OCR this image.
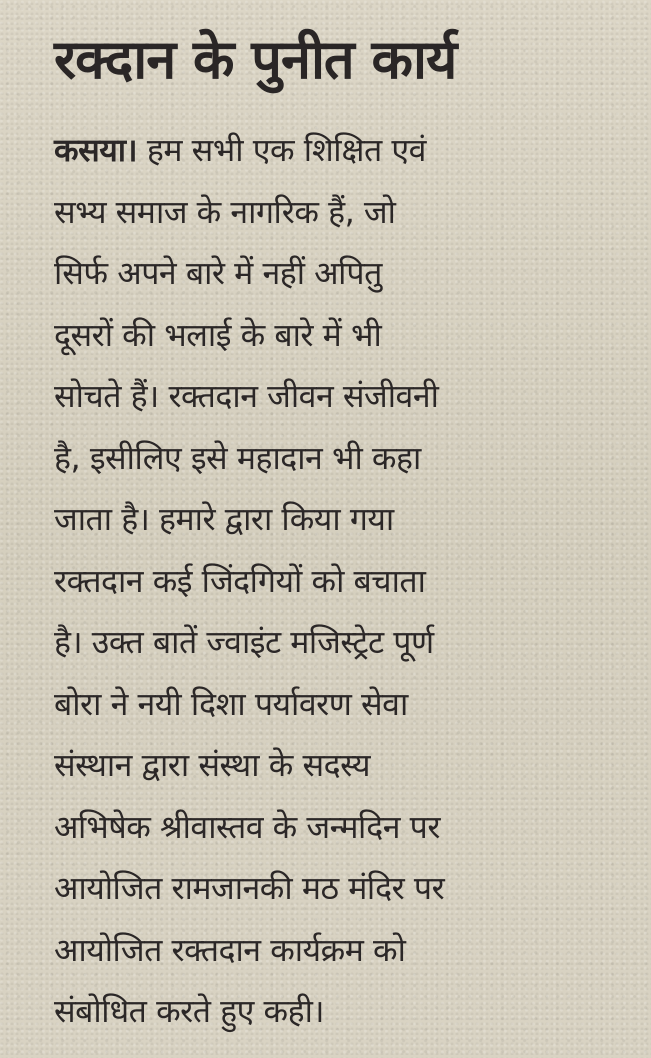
रक्दान के पुनीत कार्य
कसया। हम सभी एक शिक्षित एवं
सभ्य समाज के नागरिक हैं, जो
सिर्फ अपने बारे में नहीं अपितु
दूसरों की भलाई के बारे में भी
सोचते हैं। रक्तदान जीवन संजीवनी
है, इसीलिए इसे महादान भी कहा
जाता है। हमारे द्वारा किया गया
रक्तदान कई जिंदगियों को बचाता
है। उक्त बातें ज्वाइंट मजिस्ट्रेट पूर्ण
बोरा ने नयी दिशा पर्यावरण सेवा
संस्थान द्वारा संस्था के सदस्य
अभिषेक श्रीवास्तव के जन्मदिन पर
आयोजित रामजानकी मठ मंदिर पर
आयोजित रक्तदान कार्यक्रम को
संबोधित करते हुए कही।
